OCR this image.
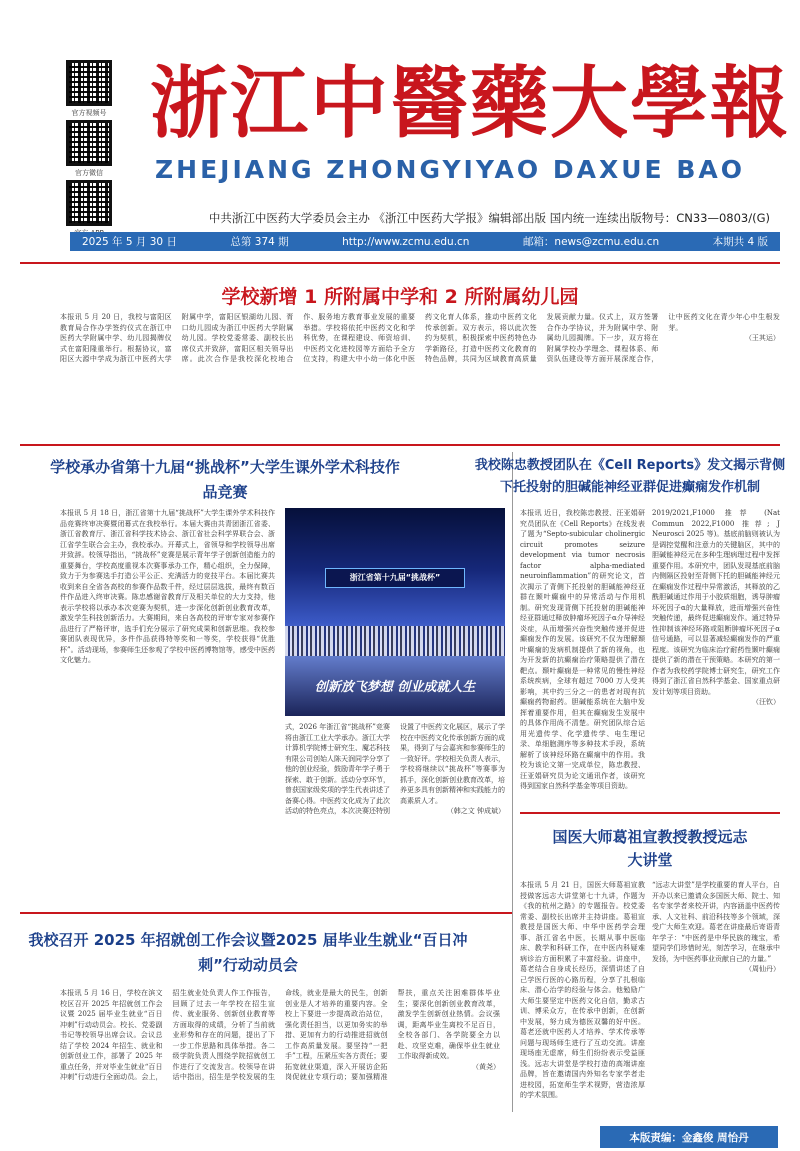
官方视频号
官方微信
浙江中醫藥大學報
ZHEJIANG ZHONGYIYAO DAXUE BAO
中共浙江中医药大学委员会主办 《浙江中医药大学报》编辑部出版 国内统一连续出版物号：CN33—0803/(G)
2025 年 5 月 30 日	总第 374 期	http://www.zcmu.edu.cn	邮箱：news@zcmu.edu.cn	本期共 4 版
学校新增 1 所附属中学和 2 所附属幼儿园
本报讯 5 月 20 日，我校与富阳区教育局合作办学签约仪式在浙江中医药大学附属中学、幼儿园揭牌仪式在富阳隆重举行。根据协议，富阳区大源中学成为浙江中医药大学附属中学，富阳区银湖幼儿园、胥口幼儿园成为浙江中医药大学附属幼儿园。学校党委常委、副校长出席仪式并致辞，富阳区相关领导出席。此次合作是我校深化校地合作、服务地方教育事业发展的重要举措。学校将依托中医药文化和学科优势，在课程建设、师资培训、中医药文化进校园等方面给予全方位支持，构建大中小幼一体化中医药文化育人体系，推动中医药文化传承创新。双方表示，将以此次签约为契机，积极探索中医药特色办学新路径，打造中医药文化教育的特色品牌，共同为区域教育高质量发展贡献力量。仪式上，双方签署合作办学协议，并为附属中学、附属幼儿园揭牌。下一步，双方将在附属学校办学理念、课程体系、师资队伍建设等方面开展深度合作，让中医药文化在青少年心中生根发芽。
（王其运）
学校承办省第十九届“挑战杯”大学生课外学术科技作品竞赛
本报讯 5 月 18 日，浙江省第十九届“挑战杯”大学生课外学术科技作品竞赛终审决赛暨闭幕式在我校举行。本届大赛由共青团浙江省委、浙江省教育厅、浙江省科学技术协会、浙江省社会科学界联合会、浙江省学生联合会主办，我校承办。开幕式上，省领导和学校领导出席并致辞。校领导指出，“挑战杯”竞赛是展示青年学子创新创造能力的重要舞台，学校高度重视本次赛事承办工作，精心组织，全力保障，致力于为参赛选手打造公平公正、充满活力的竞技平台。本届比赛共收到来自全省各高校的参赛作品数千件，经过层层选拔，最终有数百件作品进入终审决赛。陈忠感谢省教育厅及相关单位的大力支持，他表示学校将以承办本次竞赛为契机，进一步深化创新创业教育改革，激发学生科技创新活力。大赛期间，来自各高校的评审专家对参赛作品进行了严格评审，选手们充分展示了研究成果和创新思维。我校参赛团队表现优异，多件作品获得特等奖和一等奖，学校获得“优胜杯”。活动现场，参赛师生还参观了学校中医药博物馆等，感受中医药文化魅力。
浙江省第十九届“挑战杯”
创新放飞梦想 创业成就人生
式，2026 年浙江省“挑战杯”竞赛将由浙江工业大学承办。浙江大学计算机学院博士研究生、魔芯科技有限公司创始人陈天润同学分享了他的创业经验，鼓励青年学子勇于探索、敢于创新。活动分享环节，曾获国家级奖项的学生代表讲述了备赛心得。中医药文化成为了此次活动的特色亮点，本次决赛还特别设置了中医药文化展区，展示了学校在中医药文化传承创新方面的成果，得到了与会嘉宾和参赛师生的一致好评。学校相关负责人表示，学校将继续以“挑战杯”等赛事为抓手，深化创新创业教育改革，培养更多具有创新精神和实践能力的高素质人才。
（韩之文 钟成斌）
我校陈忠教授团队在《Cell Reports》发文揭示背侧下托投射的胆碱能神经亚群促进癫痫发作机制
本报讯 近日，我校陈忠教授、汪亚娟研究员团队在《Cell Reports》在线发表了题为“Septo-subicular cholinergic circuit promotes seizure development via tumor necrosis factor alpha-mediated neuroinflammation”的研究论文，首次揭示了背侧下托投射的胆碱能神经亚群在颞叶癫痫中的异常活动与作用机制。研究发现背侧下托投射的胆碱能神经亚群通过释放肿瘤坏死因子α介导神经炎症，从而增强兴奋性突触传递并促进癫痫发作的发展。该研究不仅为理解颞叶癫痫的发病机制提供了新的视角，也为开发新的抗癫痫治疗策略提供了潜在靶点。颞叶癫痫是一种常见的慢性神经系统疾病，全球有超过 7000 万人受其影响，其中约三分之一的患者对现有抗癫痫药物耐药。胆碱能系统在大脑中发挥着重要作用，但其在癫痫发生发展中的具体作用尚不清楚。研究团队综合运用光遗传学、化学遗传学、电生理记录、单细胞测序等多种技术手段，系统解析了该神经环路在癫痫中的作用。我校为该论文第一完成单位，陈忠教授、汪亚娟研究员为论文通讯作者，该研究得到国家自然科学基金等项目资助。
2019/2021,F1000 推荐 (Nat Commun 2022,F1000 推荐; J Neurosci 2025 等)。基底前脑则被认为是调控觉醒和注意力的关键脑区，其中的胆碱能神经元在多种生理病理过程中发挥重要作用。本研究中，团队发现基底前脑内侧隔区投射至背侧下托的胆碱能神经元在癫痫发作过程中异常激活，其释放的乙酰胆碱通过作用于小胶质细胞，诱导肿瘤坏死因子α的大量释放，进而增强兴奋性突触传递，最终促进癫痫发作。通过特异性抑制该神经环路或阻断肿瘤坏死因子α信号通路，可以显著减轻癫痫发作的严重程度。该研究为临床治疗耐药性颞叶癫痫提供了新的潜在干预策略。本研究的第一作者为我校药学院博士研究生，研究工作得到了浙江省自然科学基金、国家重点研发计划等项目资助。
（汪钦）
我校召开 2025 年招就创工作会议暨2025 届毕业生就业“百日冲刺”行动动员会
本报讯 5 月 16 日，学校在滨文校区召开 2025 年招就创工作会议暨 2025 届毕业生就业“百日冲刺”行动动员会。校长、党委副书记等校领导出席会议。会议总结了学校 2024 年招生、就业和创新创业工作，部署了 2025 年重点任务，并对毕业生就业“百日冲刺”行动进行全面动员。会上，招生就业处负责人作工作报告，回顾了过去一年学校在招生宣传、就业服务、创新创业教育等方面取得的成绩，分析了当前就业形势和存在的问题，提出了下一步工作思路和具体举措。各二级学院负责人围绕学院招就创工作进行了交流发言。校领导在讲话中指出，招生是学校发展的生命线，就业是最大的民生，创新创业是人才培养的重要内容。全校上下要进一步提高政治站位，强化责任担当，以更加务实的举措、更加有力的行动推进招就创工作高质量发展。要坚持“一把手”工程，压紧压实各方责任；要拓宽就业渠道，深入开展访企拓岗促就业专项行动；要加强精准帮扶，重点关注困难群体毕业生；要深化创新创业教育改革，激发学生创新创业热情。会议强调，距离毕业生离校不足百日，全校各部门、各学院要全力以赴、攻坚克难，确保毕业生就业工作取得新成效。
（黄尧）
国医大师葛祖宣教授教授远志大讲堂
本报讯 5 月 21 日，国医大师葛祖宣教授做客远志大讲堂第七十九讲，作题为《我的杭州之路》的专题报告。校党委常委、副校长出席并主持讲座。葛祖宣教授是国医大师、中华中医药学会理事、浙江省名中医，长期从事中医临床、教学和科研工作，在中医内科疑难病诊治方面积累了丰富经验。讲座中，葛老结合自身成长经历，深情讲述了自己学医行医的心路历程，分享了扎根临床、潜心治学的经验与体会。他勉励广大师生要坚定中医药文化自信，勤求古训、博采众方，在传承中创新，在创新中发展，努力成为德医双馨的好中医。葛老还就中医药人才培养、学术传承等问题与现场师生进行了互动交流。讲座现场座无虚席，师生们纷纷表示受益匪浅。远志大讲堂是学校打造的高端讲座品牌，旨在邀请国内外知名专家学者走进校园，拓宽师生学术视野，营造浓厚的学术氛围。
“远志大讲堂”是学校重要的育人平台，自开办以来已邀请众多国医大师、院士、知名专家学者来校开讲，内容涵盖中医药传承、人文社科、前沿科技等多个领域，深受广大师生欢迎。葛老在讲座最后寄语青年学子：“中医药是中华民族的瑰宝，希望同学们珍惜时光，刻苦学习，在继承中发扬，为中医药事业贡献自己的力量。”
（周仙丹）
本版责编：金鑫俊 周怡丹
